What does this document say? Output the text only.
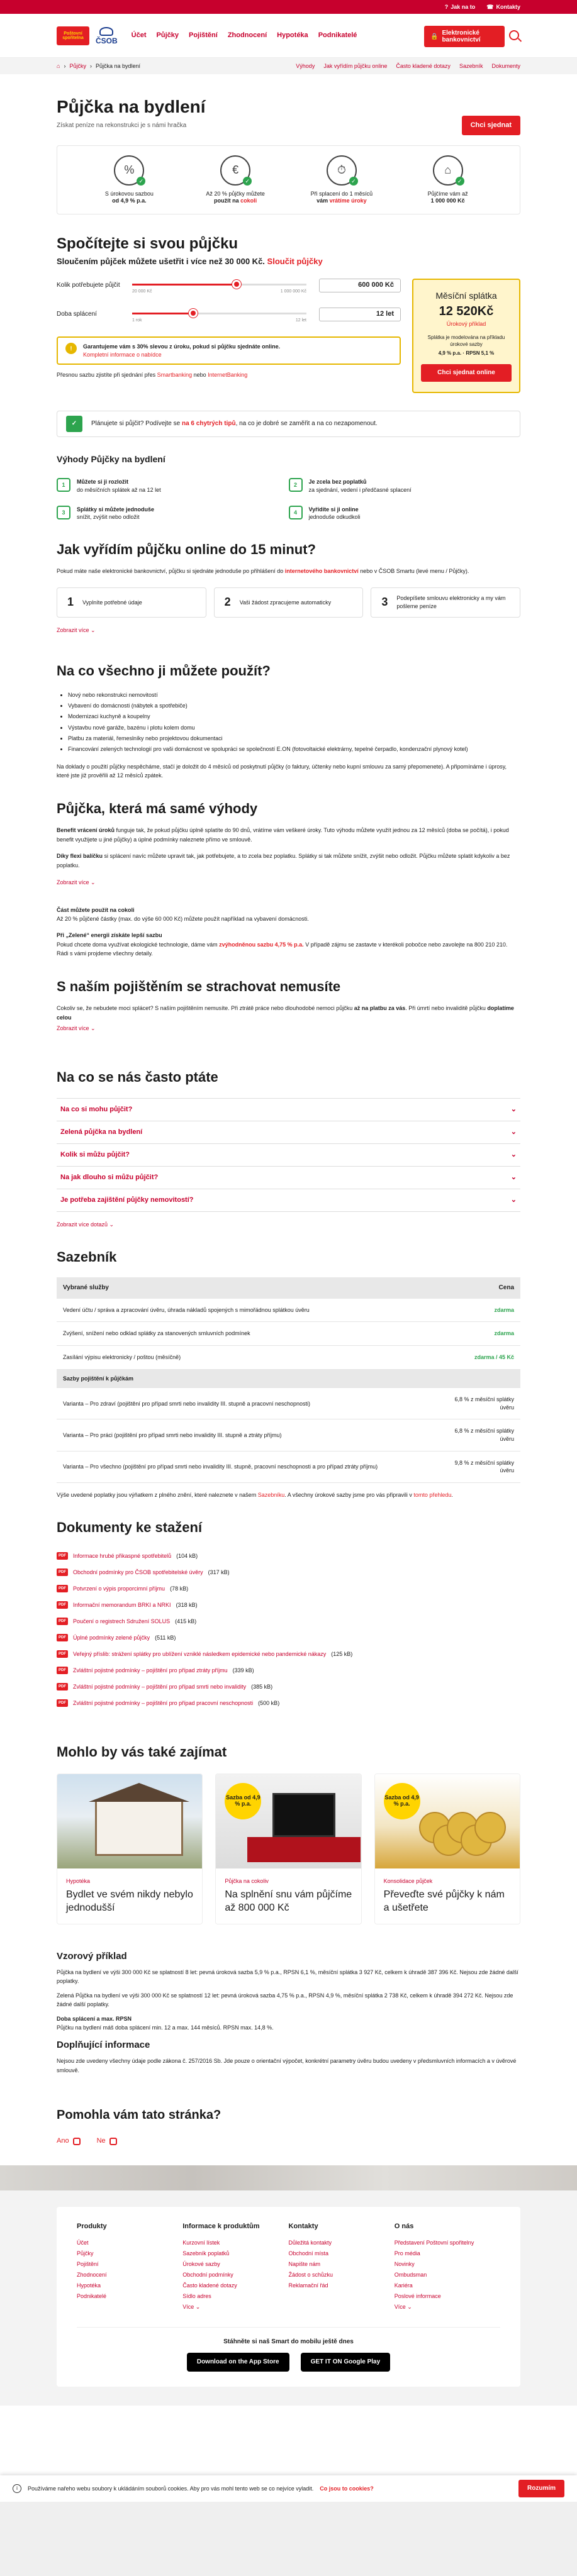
? Jak na to ☎ Kontakty
Poštovní spořitelna	ČSOB
Účet Půjčky Pojištění Zhodnocení Hypotéka Podnikatelé	🔒 Elektronické bankovnictví
⌂ › Půjčky › Půjčka na bydlení	Výhody Jak vyřídím půjčku online Často kladené dotazy Sazebník Dokumenty
Půjčka na bydlení
Získat peníze na rekonstrukci je s námi hračka	Chci sjednat
%
✓
S úrokovou sazbou
od 4,9 % p.a.
€
✓
Až 20 % půjčky můžete
použít na cokoli
⏱
✓
Při splacení do 1 měsíců
vám vrátíme úroky
⌂
✓
Půjčíme vám až
1 000 000 Kč
Spočítejte si svou půjčku
Sloučením půjček můžete ušetřit i více než 30 000 Kč. Sloučit půjčky
Kolik potřebujete půjčit
20 000 Kč	1 000 000 Kč
600 000 Kč
Doba splácení
1 rok	12 let
12 let
!	Garantujeme vám s 30% slevou z úroku, pokud si půjčku sjednáte online.
Kompletní informace o nabídce
Přesnou sazbu zjistíte při sjednání přes Smartbanking nebo InternetBanking
Měsíční splátka
12 520Kč
Úrokový příklad

Splátka je modelována na příkladu úrokové sazby

4,9 % p.a. · RPSN 5,1 %

Chci sjednat online
✓	Plánujete si půjčit? Podívejte se na 6 chytrých tipů, na co je dobré se zaměřit a na co nezapomenout.
Výhody Půjčky na bydlení
1	Můžete si ji rozložit
do měsíčních splátek až na 12 let
2	Je zcela bez poplatků
za sjednání, vedení i předčasné splacení
3	Splátky si můžete jednoduše
snížit, zvýšit nebo odložit
4	Vyřídíte si ji online
jednoduše odkudkoli
Jak vyřídím půjčku online do 15 minut?
Pokud máte naše elektronické bankovnictví, půjčku si sjednáte jednoduše po přihlášení do internetového bankovnictví nebo v ČSOB Smartu (levé menu / Půjčky).
1 Vyplníte potřebné údaje	2 Vaši žádost zpracujeme automaticky	3 Podepíšete smlouvu elektronicky a my vám pošleme peníze
Zobrazit více ⌄
Na co všechno ji můžete použít?
• Nový nebo rekonstrukci nemovitostí
• Vybavení do domácnosti (nábytek a spotřebiče)
• Modernizaci kuchyně a koupelny
• Výstavbu nové garáže, bazénu i plotu kolem domu
• Platbu za materiál, řemeslníky nebo projektovou dokumentaci
• Financování zelených technologií pro vaši domácnost ve spolupráci se společností E.ON (fotovoltaické elektrárny, tepelné čerpadlo, kondenzační plynový kotel)
Na doklady o použití půjčky nespěcháme, stačí je doložit do 4 měsíců od poskytnutí půjčky (o faktury, účtenky nebo kupní smlouvu za samý přepomenete). A připomínáme i úprosy, které jste již prověřili až 12 měsíců zpátek.
Půjčka, která má samé výhody
Benefit vrácení úroků funguje tak, že pokud půjčku úplně splatíte do 90 dnů, vrátíme vám veškeré úroky. Tuto výhodu můžete využít jednou za 12 měsíců (doba se počítá), i pokud benefit využijete u jiné půjčky) a úplné podmínky naleznete přímo ve smlouvě.
Díky flexi balíčku si splácení navíc můžete upravit tak, jak potřebujete, a to zcela bez poplatku. Splátky si tak můžete snížit, zvýšit nebo odložit. Půjčku můžete splatit kdykoliv a bez poplatku.
Zobrazit více ⌄
Část můžete použít na cokoli
Až 20 % půjčené částky (max. do výše 60 000 Kč) můžete použít například na vybavení domácnosti.
Při „Zelené“ energii získáte lepší sazbu
Pokud chcete doma využívat ekologické technologie, dáme vám zvýhodněnou sazbu 4,75 % p.a. V případě zájmu se zastavte v kterékoli pobočce nebo zavolejte na 800 210 210. Rádi s vámi projdeme všechny detaily.
S naším pojištěním se strachovat nemusíte
Cokoliv se, že nebudete moci splácet? S naším pojištěním nemusíte. Při ztrátě práce nebo dlouhodobé nemoci půjčku až na platbu za vás. Při úmrtí nebo invaliditě půjčku doplatíme celou
Zobrazit více ⌄
Na co se nás často ptáte
Na co si mohu půjčit?	⌄
Zelená půjčka na bydlení	⌄
Kolik si můžu půjčit?	⌄
Na jak dlouho si můžu půjčit?	⌄
Je potřeba zajištění půjčky nemovitostí?	⌄
Zobrazit více dotazů ⌄
Sazebník
Vybrané služby	Cena
Vedení účtu / správa a zpracování úvěru, úhrada nákladů spojených s mimořádnou splátkou úvěru	zdarma
Zvýšení, snížení nebo odklad splátky za stanovených smluvních podmínek	zdarma
Zasílání výpisu elektronicky / poštou (měsíčně)	zdarma / 45 Kč
Sazby pojištění k půjčkám	
Varianta – Pro zdraví (pojištění pro případ smrti nebo invalidity III. stupně a pracovní neschopnosti)	6,8 % z měsíční splátky úvěru
Varianta – Pro práci (pojištění pro případ smrti nebo invalidity III. stupně a ztráty příjmu)	6,8 % z měsíční splátky úvěru
Varianta – Pro všechno (pojištění pro případ smrti nebo invalidity III. stupně, pracovní neschopnosti a pro případ ztráty příjmu)	9,8 % z měsíční splátky úvěru
Výše uvedené poplatky jsou výňatkem z plného znění, které naleznete v našem Sazebníku. A všechny úrokové sazby jsme pro vás připravili v tomto přehledu.
Dokumenty ke stažení
PDF	Informace hrubé přikaspné spotřebitelů (104 kB)
PDF	Obchodní podmínky pro ČSOB spotřebitelské úvěry (317 kB)
PDF	Potvrzení o výpis proporcimní příjmu (78 kB)
PDF	Informační memorandum BRKI a NRKI (318 kB)
PDF	Poučení o registrech Sdružení SOLUS (415 kB)
PDF	Úplné podmínky zelené půjčky (511 kB)
PDF	Veřejný příslib: strážení splátky pro ublížení vzniklé následkem epidemické nebo pandemické nákazy (125 kB)
PDF	Zvláštní pojistné podmínky – pojištění pro případ ztráty příjmu (339 kB)
PDF	Zvláštní pojistné podmínky – pojištění pro případ smrti nebo invalidity (385 kB)
PDF	Zvláštní pojistné podmínky – pojištění pro případ pracovní neschopnosti (500 kB)
Mohlo by vás také zajímat
Hypotéka
Bydlet ve svém nikdy nebylo jednodušší
Sazba od 4,9 % p.a.
Půjčka na cokoliv
Na splnění snu vám půjčíme až 800 000 Kč
Sazba od 4,9 % p.a.
Konsolidace půjček
Převeďte své půjčky k nám a ušetřete
Vzorový příklad
Půjčka na bydlení ve výši 300 000 Kč se splatností 8 let: pevná úroková sazba 5,9 % p.a., RPSN 6,1 %, měsíční splátka 3 927 Kč, celkem k úhradě 387 396 Kč. Nejsou zde žádné další poplatky.
Zelená Půjčka na bydlení ve výši 300 000 Kč se splatností 12 let: pevná úroková sazba 4,75 % p.a., RPSN 4,9 %, měsíční splátka 2 738 Kč, celkem k úhradě 394 272 Kč. Nejsou zde žádné další poplatky.
Doba splácení a max. RPSN
Půjčku na bydlení máš doba splácení min. 12 a max. 144 měsíců. RPSN max. 14,8 %.
Doplňující informace
Nejsou zde uvedeny všechny údaje podle zákona č. 257/2016 Sb. Jde pouze o orientační výpočet, konkrétní parametry úvěru budou uvedeny v předsmluvních informacích a v úvěrové smlouvě.
Pomohla vám tato stránka?
Ano	Ne
Produkty
Účet
Půjčky
Pojištění
Zhodnocení
Hypotéka
Podnikatelé
Informace k produktům
Kurzovní lístek
Sazebník poplatků
Úrokové sazby
Obchodní podmínky
Často kladené dotazy
Sídlo adres
Více ⌄
Kontakty
Důležitá kontakty
Obchodní místa
Napište nám
Žádost o schůzku
Reklamační řád
O nás
Představení Poštovní spořitelny
Pro média
Novinky
Ombudsman
Kariéra
Poslové informace
Více ⌄
Stáhněte si naš Smart do mobilu ještě dnes
Download on the App Store	GET IT ON Google Play
i	Používáme nařeho webu soubory k ukládáním souborů cookies. Aby pro vás mohl tento web se co nejvíce vyladit. Co jsou to cookies?	Rozumím
